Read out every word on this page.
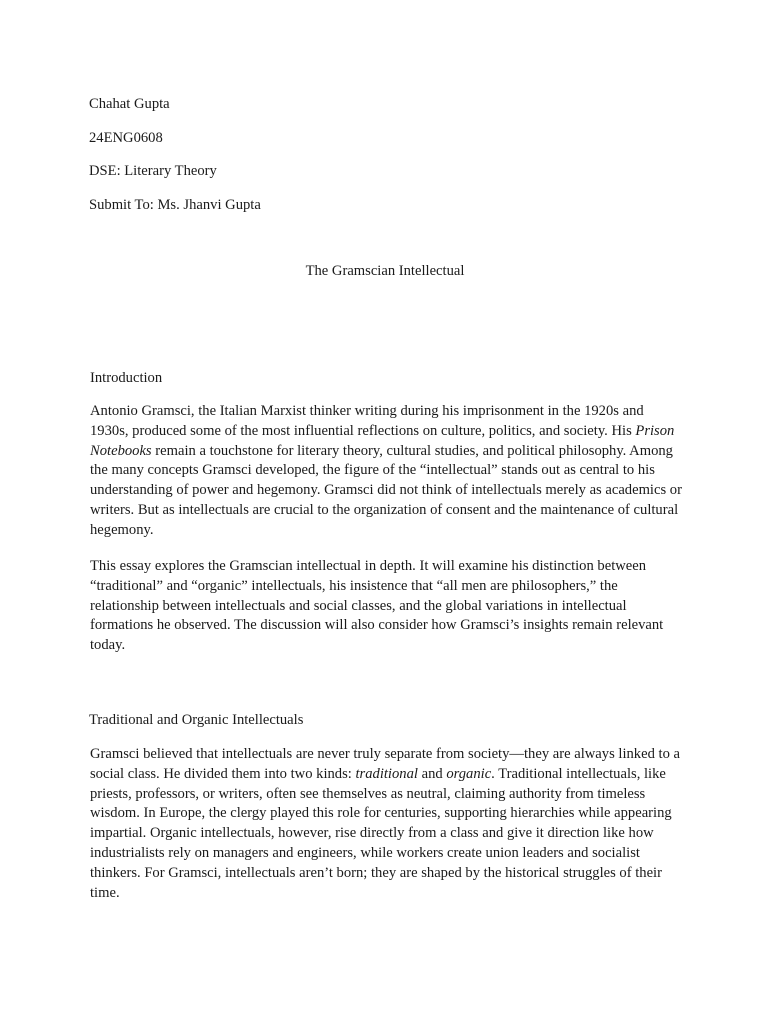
Chahat Gupta

24ENG0608

DSE: Literary Theory

Submit To: Ms. Jhanvi Gupta

The Gramscian Intellectual

Introduction

Antonio Gramsci, the Italian Marxist thinker writing during his imprisonment in the 1920s and 1930s, produced some of the most influential reflections on culture, politics, and society. His Prison Notebooks remain a touchstone for literary theory, cultural studies, and political philosophy. Among the many concepts Gramsci developed, the figure of the “intellectual” stands out as central to his understanding of power and hegemony. Gramsci did not think of intellectuals merely as academics or writers. But as intellectuals are crucial to the organization of consent and the maintenance of cultural hegemony.

This essay explores the Gramscian intellectual in depth. It will examine his distinction between “traditional” and “organic” intellectuals, his insistence that “all men are philosophers,” the relationship between intellectuals and social classes, and the global variations in intellectual formations he observed. The discussion will also consider how Gramsci’s insights remain relevant today.

Traditional and Organic Intellectuals

Gramsci believed that intellectuals are never truly separate from society—they are always linked to a social class. He divided them into two kinds: traditional and organic. Traditional intellectuals, like priests, professors, or writers, often see themselves as neutral, claiming authority from timeless wisdom. In Europe, the clergy played this role for centuries, supporting hierarchies while appearing impartial. Organic intellectuals, however, rise directly from a class and give it direction like how industrialists rely on managers and engineers, while workers create union leaders and socialist thinkers. For Gramsci, intellectuals aren’t born; they are shaped by the historical struggles of their time.
